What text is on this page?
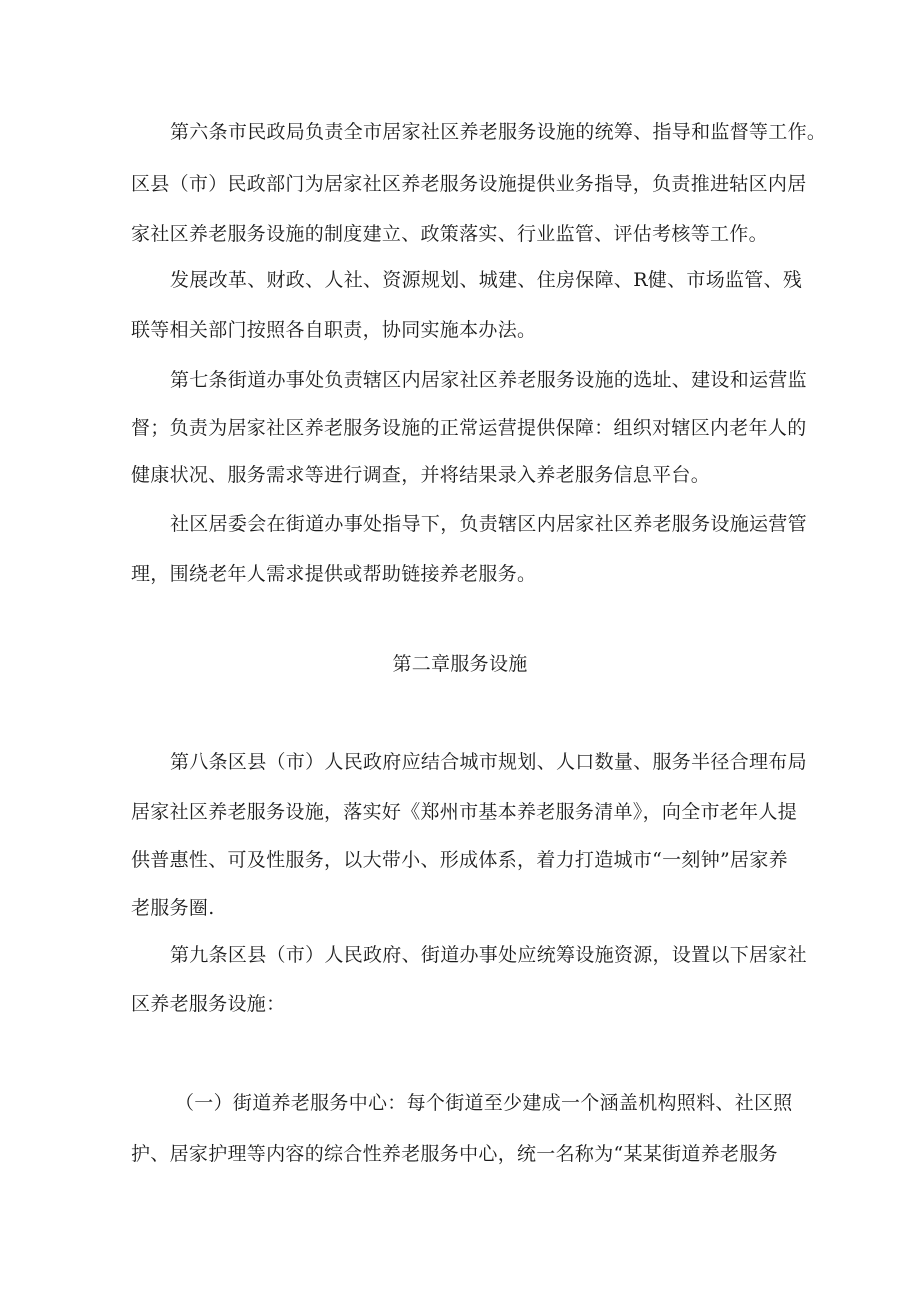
第六条市民政局负责全市居家社区养老服务设施的统筹、指导和监督等工作。
区县（市）民政部门为居家社区养老服务设施提供业务指导，负责推进轱区内居
家社区养老服务设施的制度建立、政策落实、行业监管、评估考核等工作。
发展改革、财政、人社、资源规划、城建、住房保障、R健、市场监管、残
联等相关部门按照各自职责，协同实施本办法。
第七条街道办事处负责辖区内居家社区养老服务设施的选址、建设和运营监
督；负责为居家社区养老服务设施的正常运营提供保障：组织对辖区内老年人的
健康状况、服务需求等进行调查，并将结果录入养老服务信息平台。
社区居委会在街道办事处指导下，负责辖区内居家社区养老服务设施运营管
理，围绕老年人需求提供或帮助链接养老服务。
第二章服务设施
第八条区县（市）人民政府应结合城市规划、人口数量、服务半径合理布局
居家社区养老服务设施，落实好《郑州市基本养老服务清单》，向全市老年人提
供普惠性、可及性服务，以大带小、形成体系，着力打造城市“一刻钟”居家养
老服务圈.
第九条区县（市）人民政府、街道办事处应统筹设施资源，设置以下居家社
区养老服务设施：
（一）街道养老服务中心：每个街道至少建成一个涵盖机构照料、社区照
护、居家护理等内容的综合性养老服务中心，统一名称为“某某街道养老服务
